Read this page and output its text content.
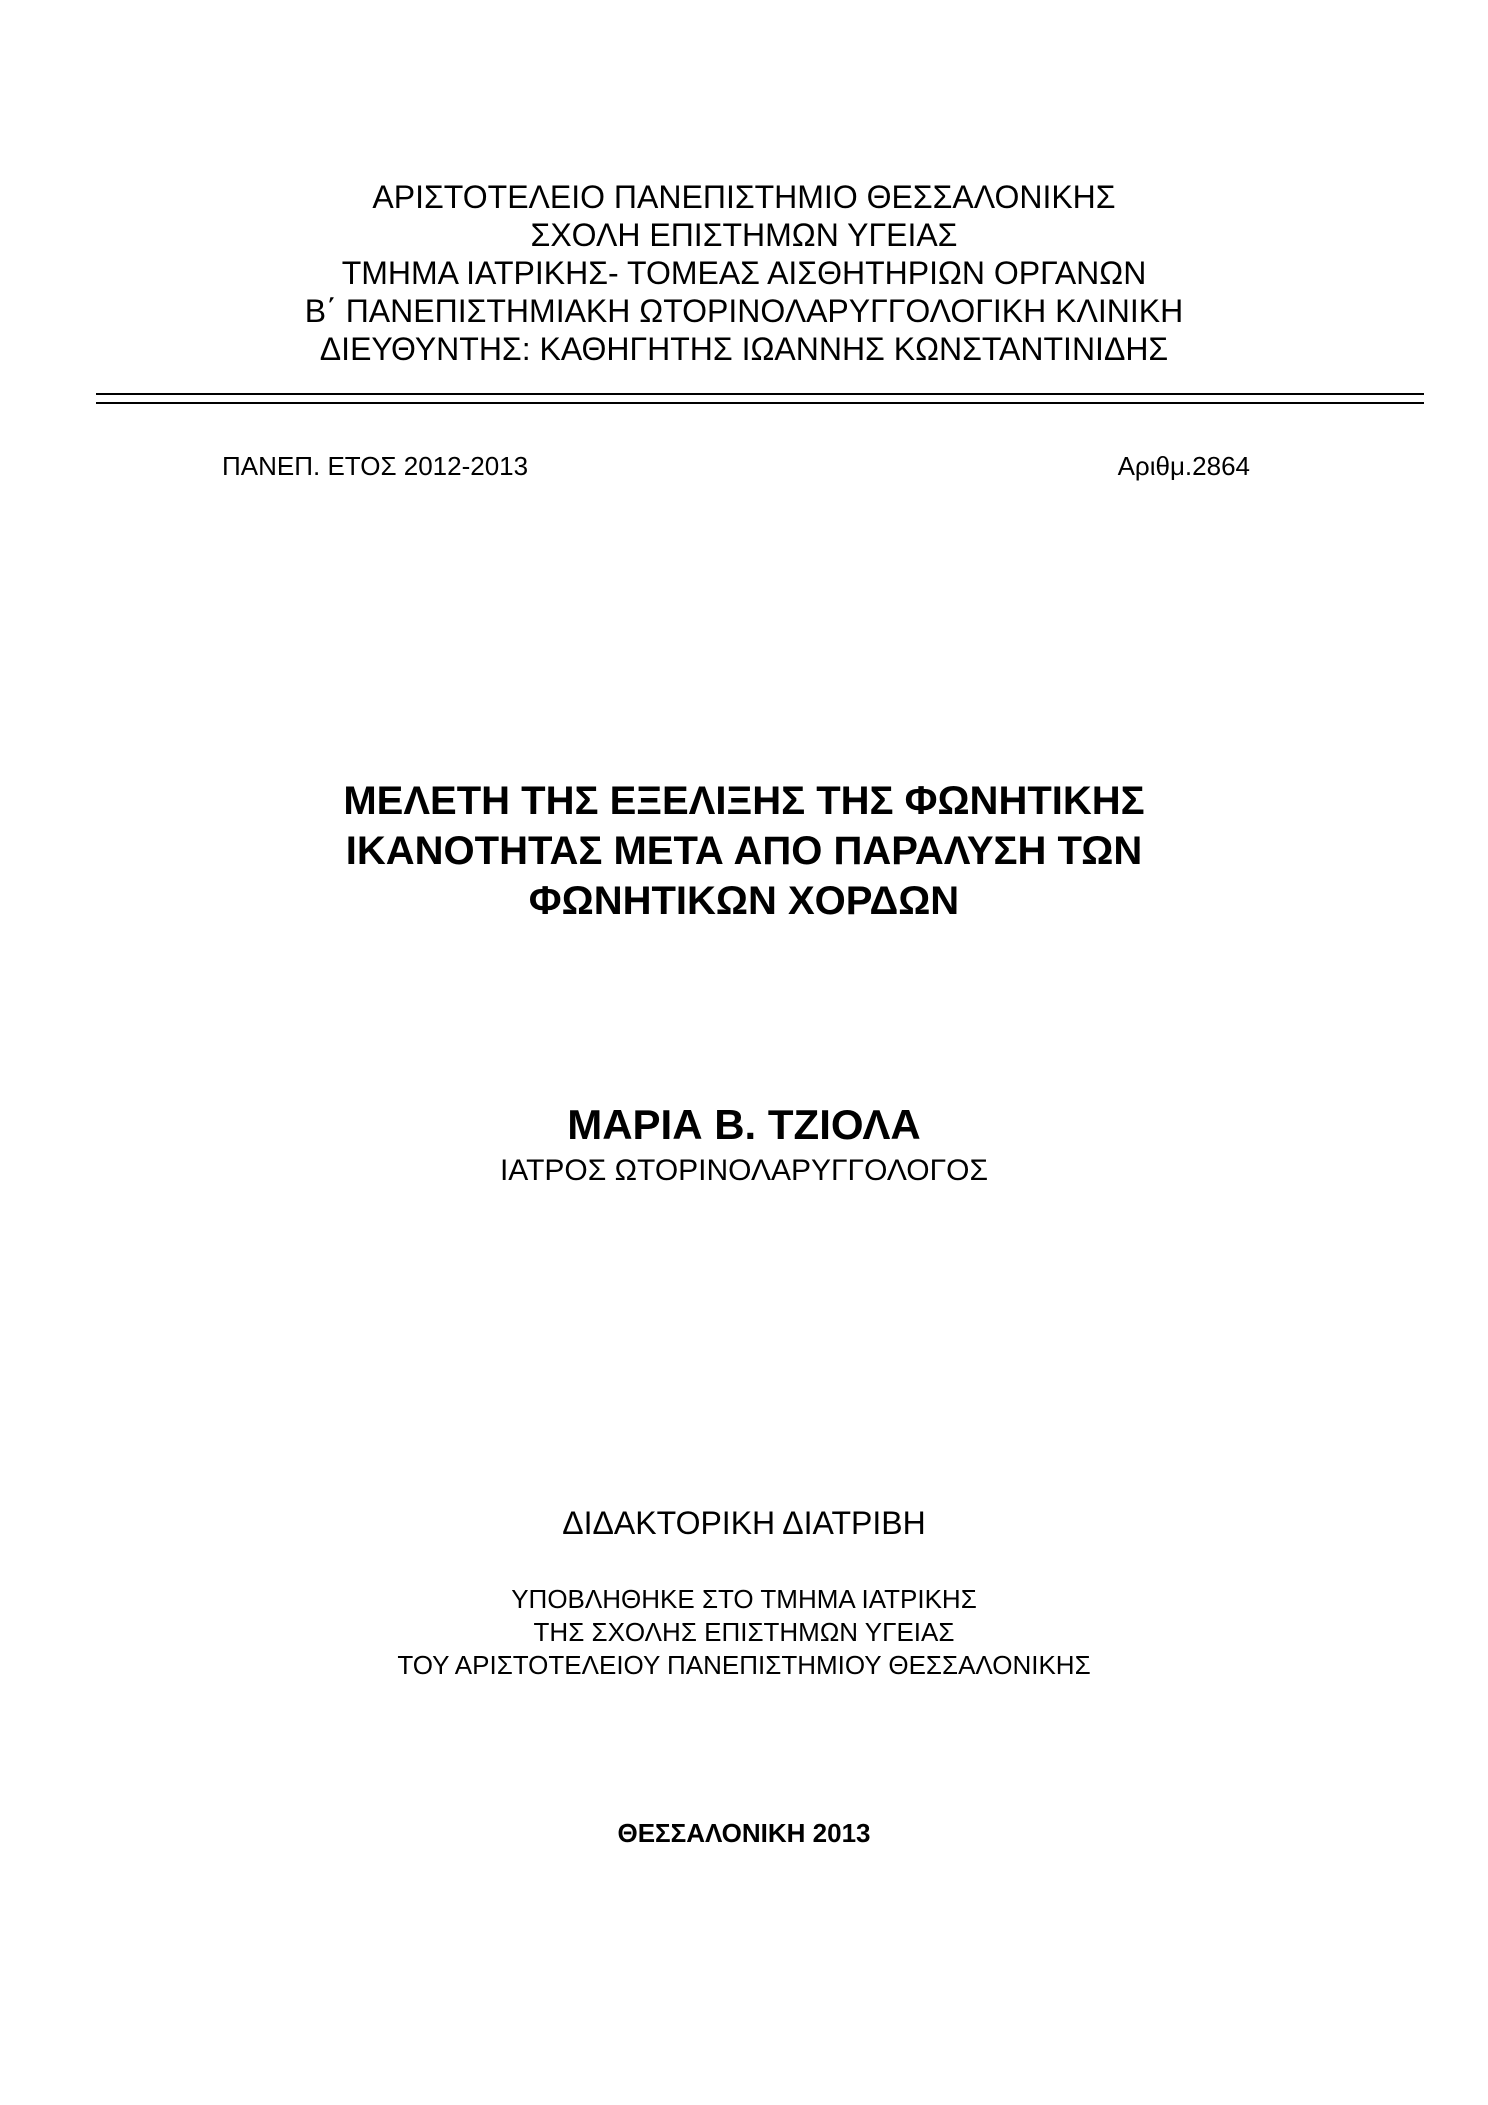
ΑΡΙΣΤΟΤΕΛΕΙΟ ΠΑΝΕΠΙΣΤΗΜΙΟ ΘΕΣΣΑΛΟΝΙΚΗΣ
ΣΧΟΛΗ ΕΠΙΣΤΗΜΩΝ ΥΓΕΙΑΣ
ΤΜΗΜΑ ΙΑΤΡΙΚΗΣ- ΤΟΜΕΑΣ ΑΙΣΘΗΤΗΡΙΩΝ ΟΡΓΑΝΩΝ
Β΄ ΠΑΝΕΠΙΣΤΗΜΙΑΚΗ ΩΤΟΡΙΝΟΛΑΡΥΓΓΟΛΟΓΙΚΗ ΚΛΙΝΙΚΗ
ΔΙΕΥΘΥΝΤΗΣ: ΚΑΘΗΓΗΤΗΣ ΙΩΑΝΝΗΣ ΚΩΝΣΤΑΝΤΙΝΙΔΗΣ
ΠΑΝΕΠ. ΕΤΟΣ 2012-2013	Αριθμ.2864
ΜΕΛΕΤΗ ΤΗΣ ΕΞΕΛΙΞΗΣ ΤΗΣ ΦΩΝΗΤΙΚΗΣ
ΙΚΑΝΟΤΗΤΑΣ ΜΕΤΑ ΑΠΟ ΠΑΡΑΛΥΣΗ ΤΩΝ
ΦΩΝΗΤΙΚΩΝ ΧΟΡΔΩΝ
ΜΑΡΙΑ Β. ΤΖΙΟΛΑ
ΙΑΤΡΟΣ ΩΤΟΡΙΝΟΛΑΡΥΓΓΟΛΟΓΟΣ
ΔΙΔΑΚΤΟΡΙΚΗ ΔΙΑΤΡΙΒΗ
ΥΠΟΒΛΗΘΗΚΕ ΣΤΟ ΤΜΗΜΑ ΙΑΤΡΙΚΗΣ
ΤΗΣ ΣΧΟΛΗΣ ΕΠΙΣΤΗΜΩΝ ΥΓΕΙΑΣ
ΤΟΥ ΑΡΙΣΤΟΤΕΛΕΙΟΥ ΠΑΝΕΠΙΣΤΗΜΙΟΥ ΘΕΣΣΑΛΟΝΙΚΗΣ
ΘΕΣΣΑΛΟΝΙΚΗ 2013
